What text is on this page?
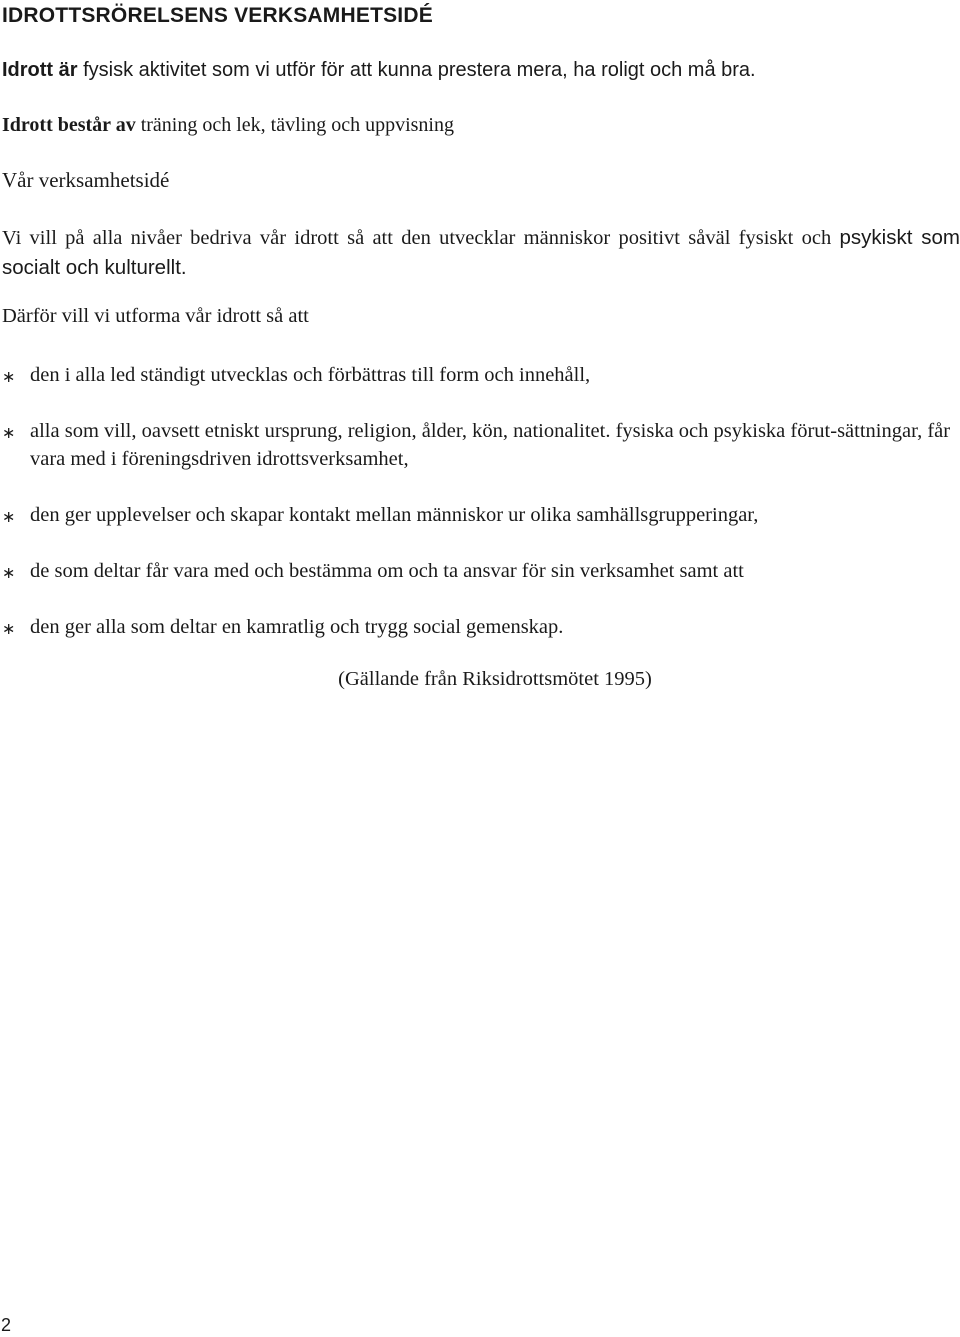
IDROTTSRÖRELSENS VERKSAMHETSIDÉ
Idrott är fysisk aktivitet som vi utför för att kunna prestera mera, ha roligt och må bra.
Idrott består av träning och lek, tävling och uppvisning
Vår verksamhetsidé
Vi vill på alla nivåer bedriva vår idrott så att den utvecklar människor positivt såväl fysiskt och psykiskt som socialt och kulturellt.
Därför vill vi utforma vår idrott så att
∗ den i alla led ständigt utvecklas och förbättras till form och innehåll,
∗ alla som vill, oavsett etniskt ursprung, religion, ålder, kön, nationalitet. fysiska och psykiska förut-sättningar, får vara med i föreningsdriven idrottsverksamhet,
∗ den ger upplevelser och skapar kontakt mellan människor ur olika samhällsgrupperingar,
∗ de som deltar får vara med och bestämma om och ta ansvar för sin verksamhet samt att
∗ den ger alla som deltar en kamratlig och trygg social gemenskap.
(Gällande från Riksidrottsmötet 1995)
2
